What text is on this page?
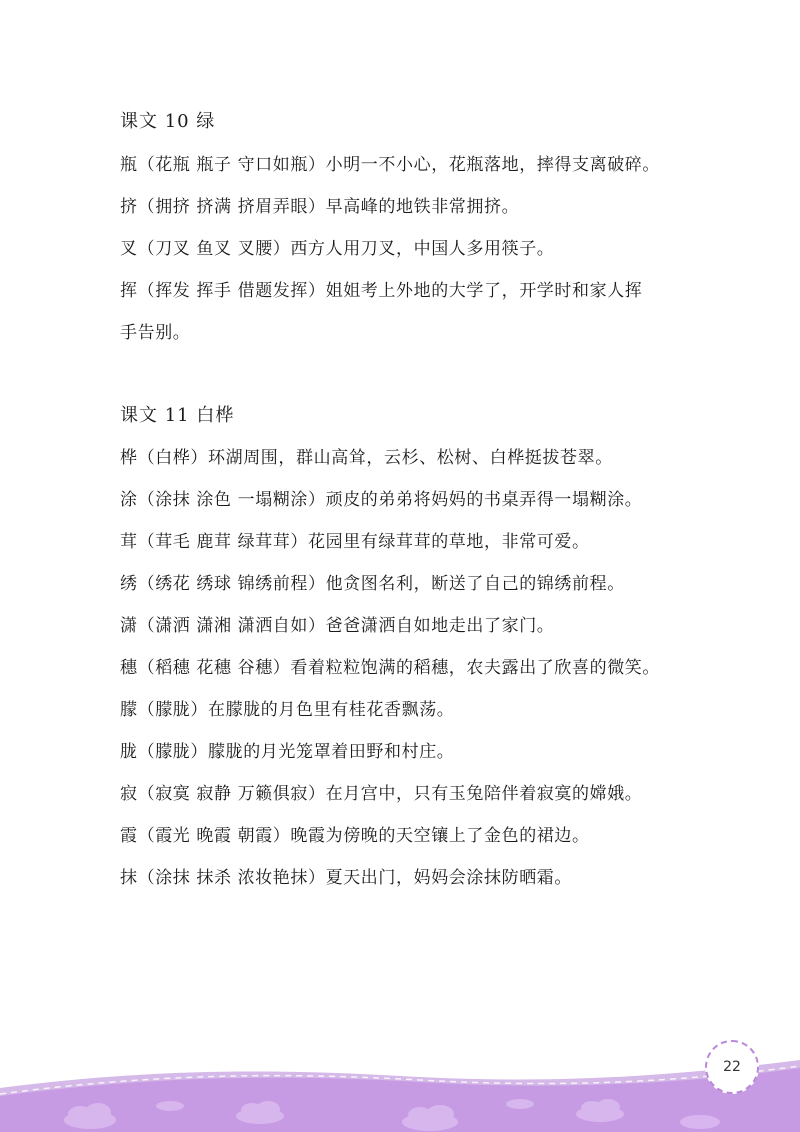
课文 10 绿
瓶（花瓶 瓶子 守口如瓶）小明一不小心，花瓶落地，摔得支离破碎。
挤（拥挤 挤满 挤眉弄眼）早高峰的地铁非常拥挤。
叉（刀叉 鱼叉 叉腰）西方人用刀叉，中国人多用筷子。
挥（挥发 挥手 借题发挥）姐姐考上外地的大学了，开学时和家人挥
手告别。
课文 11 白桦
桦（白桦）环湖周围，群山高耸，云杉、松树、白桦挺拔苍翠。
涂（涂抹 涂色 一塌糊涂）顽皮的弟弟将妈妈的书桌弄得一塌糊涂。
茸（茸毛 鹿茸 绿茸茸）花园里有绿茸茸的草地，非常可爱。
绣（绣花 绣球 锦绣前程）他贪图名利，断送了自己的锦绣前程。
潇（潇洒 潇湘 潇洒自如）爸爸潇洒自如地走出了家门。
穗（稻穗 花穗 谷穗）看着粒粒饱满的稻穗，农夫露出了欣喜的微笑。
朦（朦胧）在朦胧的月色里有桂花香飘荡。
胧（朦胧）朦胧的月光笼罩着田野和村庄。
寂（寂寞 寂静 万籁俱寂）在月宫中，只有玉兔陪伴着寂寞的嫦娥。
霞（霞光 晚霞 朝霞）晚霞为傍晚的天空镶上了金色的裙边。
抹（涂抹 抹杀 浓妆艳抹）夏天出门，妈妈会涂抹防晒霜。
22
